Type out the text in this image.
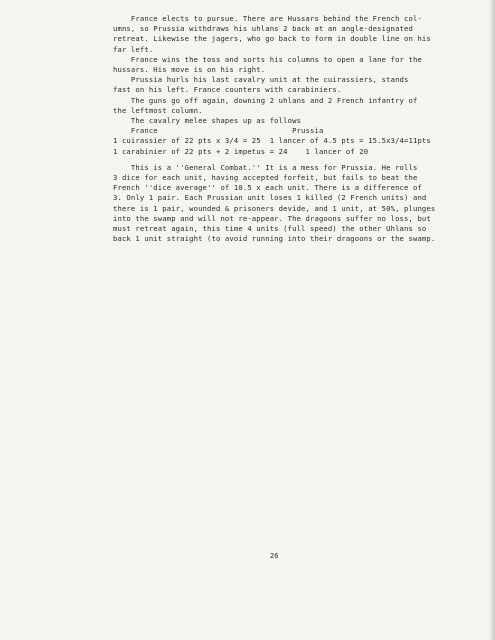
France elects to pursue. There are Hussars behind the French col-
umns, so Prussia withdraws his uhlans 2 back at an angle-designated
retreat. Likewise the jagers, who go back to form in double line on his
far left.
France wins the toss and sorts his columns to open a lane for the
hussars. His move is on his right.
Prussia hurls his last cavalry unit at the cuirassiers, stands
fast on his left. France counters with carabiniers.
The guns go off again, downing 2 uhlans and 2 French infantry of
the leftmost column.
The cavalry melee shapes up as follows
France                              Prussia
1 cuirassier of 22 pts x 3/4 = 25  1 lancer of 4.5 pts = 15.5x3/4=11pts
1 carabinier of 22 pts + 2 impetus = 24    1 lancer of 20
This is a ''General Combat.'' It is a mess for Prussia. He rolls
3 dice for each unit, having accepted forfeit, but fails to beat the
French ''dice average'' of 10.5 x each unit. There is a difference of
3. Only 1 pair. Each Prussian unit loses 1 killed (2 French units) and
there is 1 pair, wounded & prisoners devide, and 1 unit, at 50%, plunges
into the swamp and will not re-appear. The dragoons suffer no loss, but
must retreat again, this time 4 units (full speed) the other Uhlans so
back 1 unit straight (to avoid running into their dragoons or the swamp.
26
